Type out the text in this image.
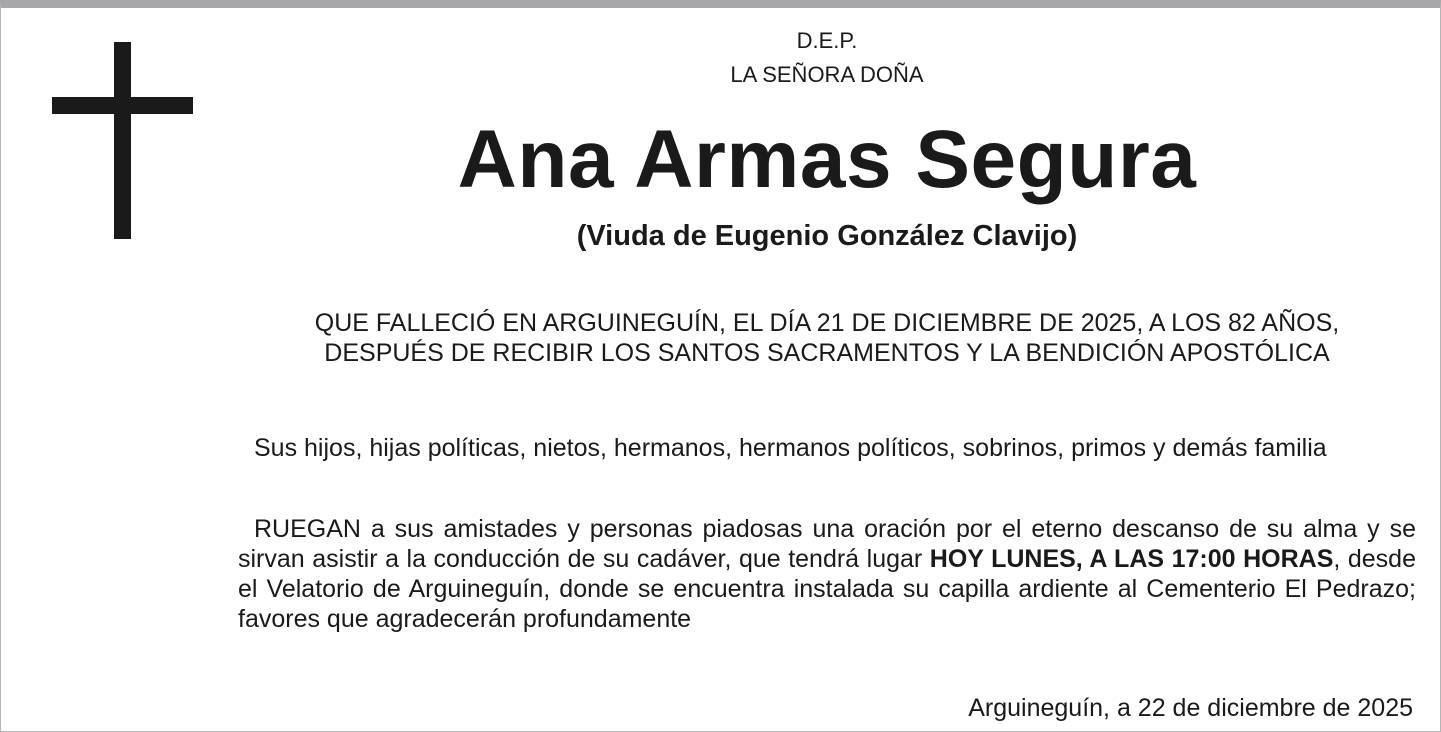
D.E.P.
LA SEÑORA DOÑA
Ana Armas Segura
(Viuda de Eugenio González Clavijo)
QUE FALLECIÓ EN ARGUINEGUÍN, EL DÍA 21 DE DICIEMBRE DE 2025, A LOS 82 AÑOS, DESPUÉS DE RECIBIR LOS SANTOS SACRAMENTOS Y LA BENDICIÓN APOSTÓLICA
Sus hijos, hijas políticas, nietos, hermanos, hermanos políticos, sobrinos, primos y demás familia
RUEGAN a sus amistades y personas piadosas una oración por el eterno descanso de su alma y se sirvan asistir a la conducción de su cadáver, que tendrá lugar HOY LUNES, A LAS 17:00 HORAS, desde el Velatorio de Arguineguín, donde se encuentra instalada su capilla ardiente al Cementerio El Pedrazo; favores que agradecerán profundamente
Arguineguín, a 22 de diciembre de 2025
